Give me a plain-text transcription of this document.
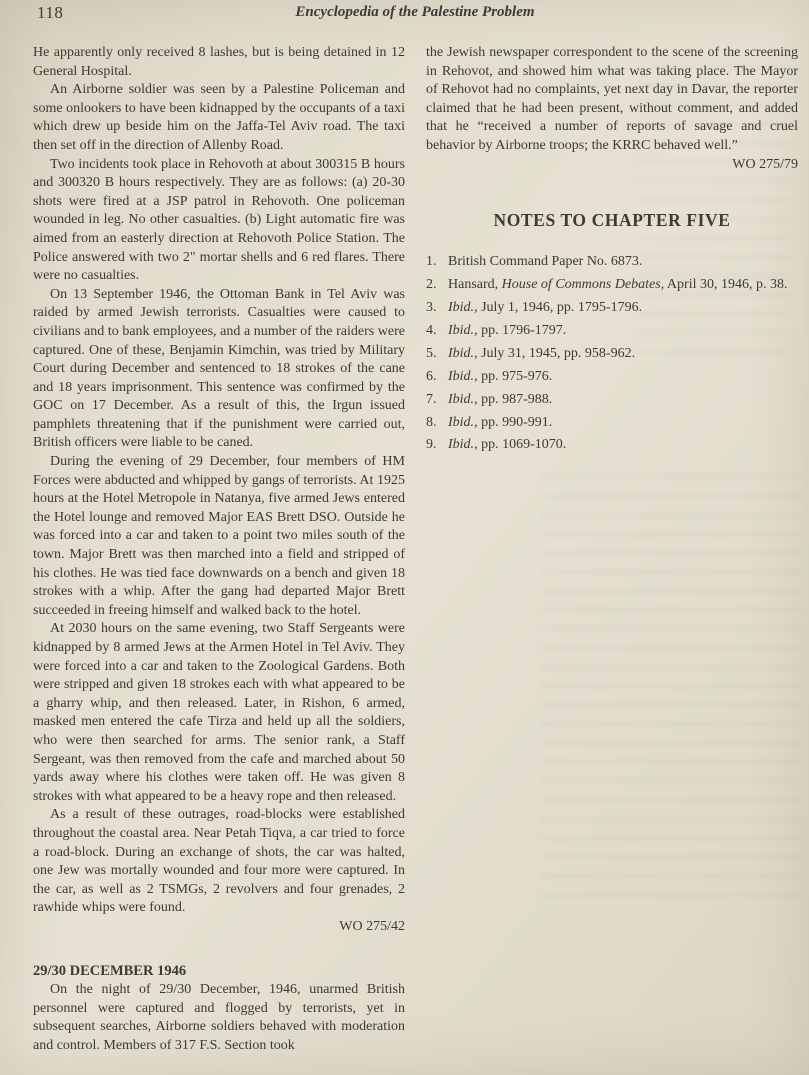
118	Encyclopedia of the Palestine Problem

He apparently only received 8 lashes, but is being detained in 12 General Hospital.

An Airborne soldier was seen by a Palestine Policeman and some onlookers to have been kidnapped by the occupants of a taxi which drew up beside him on the Jaffa-Tel Aviv road. The taxi then set off in the direction of Allenby Road.

Two incidents took place in Rehovoth at about 300315 B hours and 300320 B hours respectively. They are as follows: (a) 20-30 shots were fired at a JSP patrol in Rehovoth. One policeman wounded in leg. No other casualties. (b) Light automatic fire was aimed from an easterly direction at Rehovoth Police Station. The Police answered with two 2" mortar shells and 6 red flares. There were no casualties.

On 13 September 1946, the Ottoman Bank in Tel Aviv was raided by armed Jewish terrorists. Casualties were caused to civilians and to bank employees, and a number of the raiders were captured. One of these, Benjamin Kimchin, was tried by Military Court during December and sentenced to 18 strokes of the cane and 18 years imprisonment. This sentence was confirmed by the GOC on 17 December. As a result of this, the Irgun issued pamphlets threatening that if the punishment were carried out, British officers were liable to be caned.

During the evening of 29 December, four members of HM Forces were abducted and whipped by gangs of terrorists. At 1925 hours at the Hotel Metropole in Natanya, five armed Jews entered the Hotel lounge and removed Major EAS Brett DSO. Outside he was forced into a car and taken to a point two miles south of the town. Major Brett was then marched into a field and stripped of his clothes. He was tied face downwards on a bench and given 18 strokes with a whip. After the gang had departed Major Brett succeeded in freeing himself and walked back to the hotel.

At 2030 hours on the same evening, two Staff Sergeants were kidnapped by 8 armed Jews at the Armen Hotel in Tel Aviv. They were forced into a car and taken to the Zoological Gardens. Both were stripped and given 18 strokes each with what appeared to be a gharry whip, and then released. Later, in Rishon, 6 armed, masked men entered the cafe Tirza and held up all the soldiers, who were then searched for arms. The senior rank, a Staff Sergeant, was then removed from the cafe and marched about 50 yards away where his clothes were taken off. He was given 8 strokes with what appeared to be a heavy rope and then released.

As a result of these outrages, road-blocks were established throughout the coastal area. Near Petah Tiqva, a car tried to force a road-block. During an exchange of shots, the car was halted, one Jew was mortally wounded and four more were captured. In the car, as well as 2 TSMGs, 2 revolvers and four grenades, 2 rawhide whips were found.

WO 275/42
29/30 DECEMBER 1946

On the night of 29/30 December, 1946, unarmed British personnel were captured and flogged by terrorists, yet in subsequent searches, Airborne soldiers behaved with moderation and control. Members of 317 F.S. Section took

the Jewish newspaper correspondent to the scene of the screening in Rehovot, and showed him what was taking place. The Mayor of Rehovot had no complaints, yet next day in Davar, the reporter claimed that he had been present, without comment, and added that he “received a number of reports of savage and cruel behavior by Airborne troops; the KRRC behaved well.”

WO 275/79
NOTES TO CHAPTER FIVE
1. British Command Paper No. 6873.
2. Hansard, House of Commons Debates, April 30, 1946, p. 38.
3. Ibid., July 1, 1946, pp. 1795-1796.
4. Ibid., pp. 1796-1797.
5. Ibid., July 31, 1945, pp. 958-962.
6. Ibid., pp. 975-976.
7. Ibid., pp. 987-988.
8. Ibid., pp. 990-991.
9. Ibid., pp. 1069-1070.
